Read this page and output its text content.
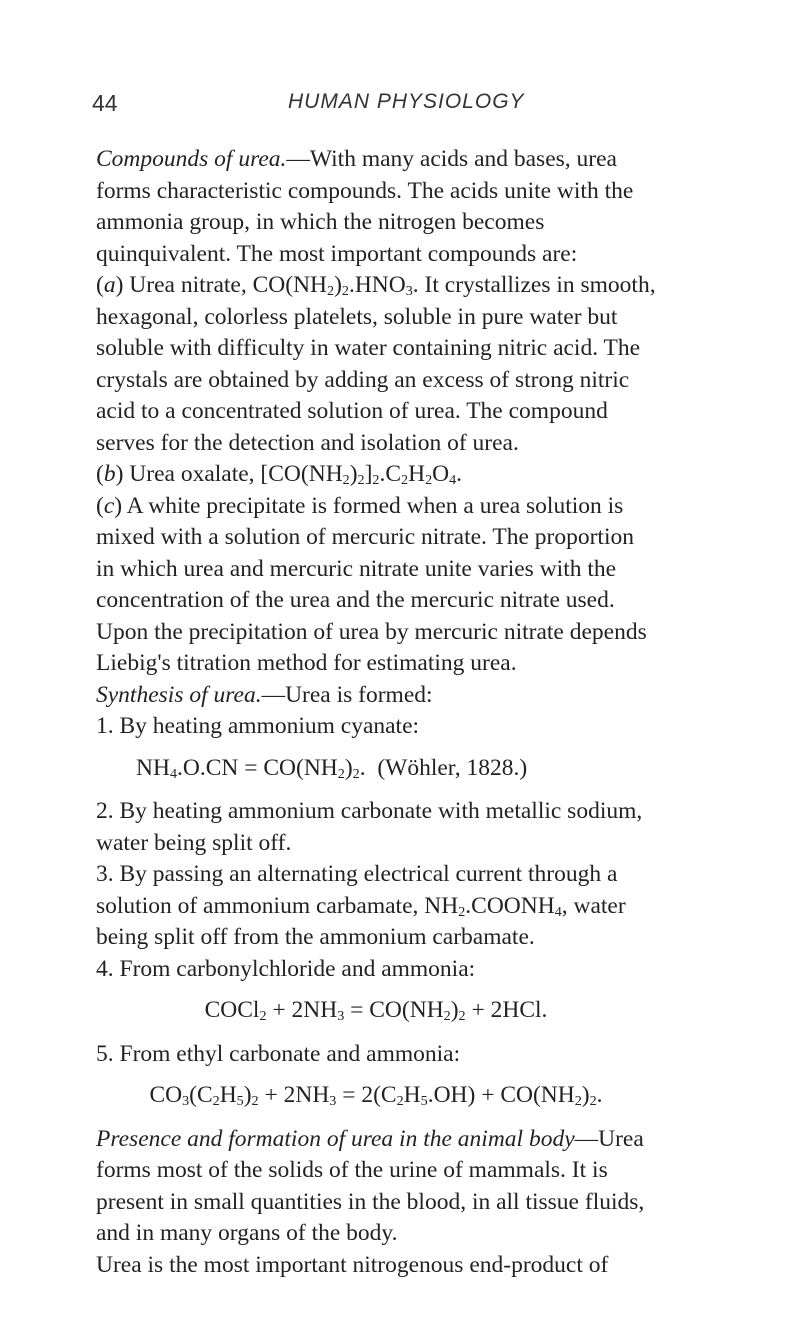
44	HUMAN PHYSIOLOGY

Compounds of urea.—With many acids and bases, urea forms characteristic compounds. The acids unite with the ammonia group, in which the nitrogen becomes quinquivalent. The most important compounds are:

(a) Urea nitrate, $CO(NH_2)_2.HNO_3$. It crystallizes in smooth, hexagonal, colorless platelets, soluble in pure water but soluble with difficulty in water containing nitric acid. The crystals are obtained by adding an excess of strong nitric acid to a concentrated solution of urea. The compound serves for the detection and isolation of urea.

(b) Urea oxalate, $[CO(NH_2)_2]_2.C_2H_2O_4$.

(c) A white precipitate is formed when a urea solution is mixed with a solution of mercuric nitrate. The proportion in which urea and mercuric nitrate unite varies with the concentration of the urea and the mercuric nitrate used. Upon the precipitation of urea by mercuric nitrate depends Liebig's titration method for estimating urea.

Synthesis of urea.—Urea is formed:

1. By heating ammonium cyanate:

$NH_4.O.CN = CO(NH_2)_2$. (Wöhler, 1828.)

2. By heating ammonium carbonate with metallic sodium, water being split off.

3. By passing an alternating electrical current through a solution of ammonium carbamate, $NH_2.COONH_4$, water being split off from the ammonium carbamate.

4. From carbonylchloride and ammonia:

COCl$_2$ + $2NH_3 = CO(NH_2)_2 + 2HCl$.

5. From ethyl carbonate and ammonia:

$CO_3(C_2H_5)_2 + 2NH_3 = 2(C_2H_5.OH) + CO(NH_2)_2$.

Presence and formation of urea in the animal body—Urea forms most of the solids of the urine of mammals. It is present in small quantities in the blood, in all tissue fluids, and in many organs of the body.

Urea is the most important nitrogenous end-product of
